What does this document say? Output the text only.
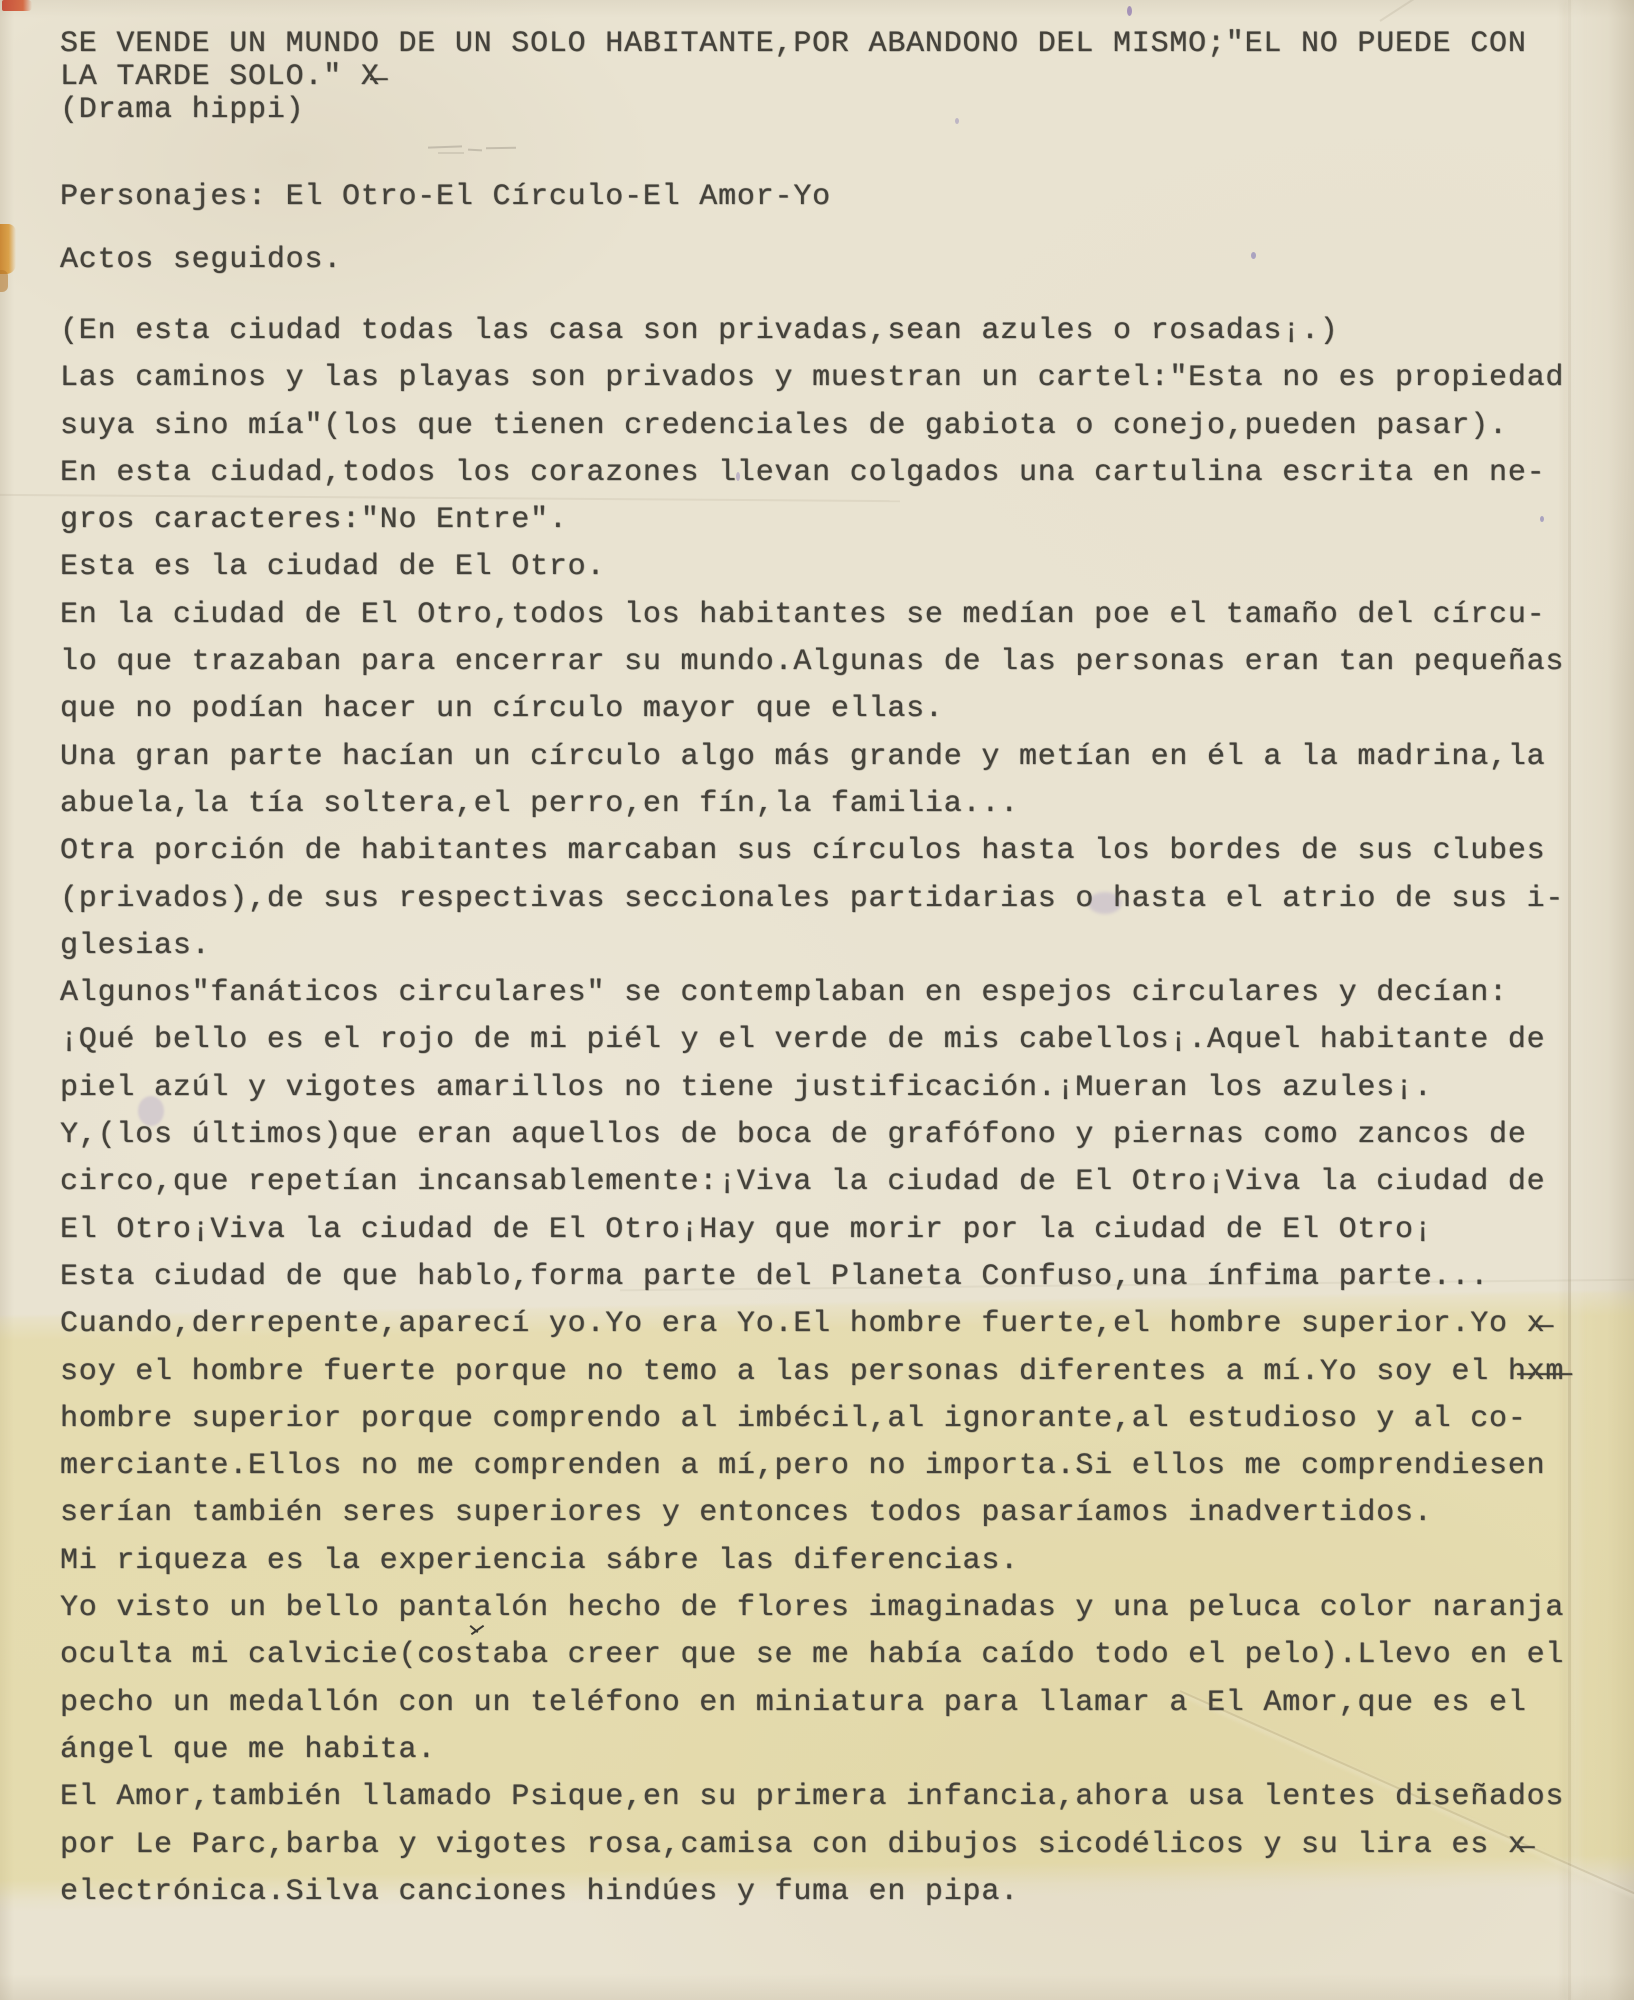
SE VENDE UN MUNDO DE UN SOLO HABITANTE,POR ABANDONO DEL MISMO;ʺEL NO PUEDE CON
LA TARDE SOLO.ʺ X̶
(Drama hippi)
Personajes: El Otro-El Círculo-El Amor-Yo
Actos seguidos.
(En esta ciudad todas las casa son privadas,sean azules o rosadas¡.)
Las caminos y las playas son privados y muestran un cartel:"Esta no es propiedad
suya sino mía"(los que tienen credenciales de gabiota o conejo,pueden pasar).
En esta ciudad,todos los corazones llevan colgados una cartulina escrita en ne-
gros caracteres:"No Entre".
Esta es la ciudad de El Otro.
En la ciudad de El Otro,todos los habitantes se medían poe el tamaño del círcu-
lo que trazaban para encerrar su mundo.Algunas de las personas eran tan pequeñas
que no podían hacer un círculo mayor que ellas.
Una gran parte hacían un círculo algo más grande y metían en él a la madrina,la
abuela,la tía soltera,el perro,en fín,la familia...
Otra porción de habitantes marcaban sus círculos hasta los bordes de sus clubes
(privados),de sus respectivas seccionales partidarias o hasta el atrio de sus i-
glesias.
Algunos"fanáticos circulares" se contemplaban en espejos circulares y decían:
¡Qué bello es el rojo de mi piél y el verde de mis cabellos¡.Aquel habitante de
piel azúl y vigotes amarillos no tiene justificación.¡Mueran los azules¡.
Y,(los últimos)que eran aquellos de boca de grafófono y piernas como zancos de
circo,que repetían incansablemente:¡Viva la ciudad de El Otro¡Viva la ciudad de
El Otro¡Viva la ciudad de El Otro¡Hay que morir por la ciudad de El Otro¡
Esta ciudad de que hablo,forma parte del Planeta Confuso,una ínfima parte...
Cuando,derrepente,aparecí yo.Yo era Yo.El hombre fuerte,el hombre superior.Yo x̶
soy el hombre fuerte porque no temo a las personas diferentes a mí.Yo soy el h̶x̶m̶
hombre superior porque comprendo al imbécil,al ignorante,al estudioso y al co-
merciante.Ellos no me comprenden a mí,pero no importa.Si ellos me comprendiesen
serían también seres superiores y entonces todos pasaríamos inadvertidos.
Mi riqueza es la experiencia sábre las diferencias.
Yo visto un bello pantalón hecho de flores imaginadas y una peluca color naranja
oculta mi calvicie(costaba creer que se me había caído todo el pelo).Llevo en el
pecho un medallón con un teléfono en miniatura para llamar a El Amor,que es el
ángel que me habita.
El Amor,también llamado Psique,en su primera infancia,ahora usa lentes diseñados
por Le Parc,barba y vigotes rosa,camisa con dibujos sicodélicos y su lira es x̶
electrónica.Silva canciones hindúes y fuma en pipa.
